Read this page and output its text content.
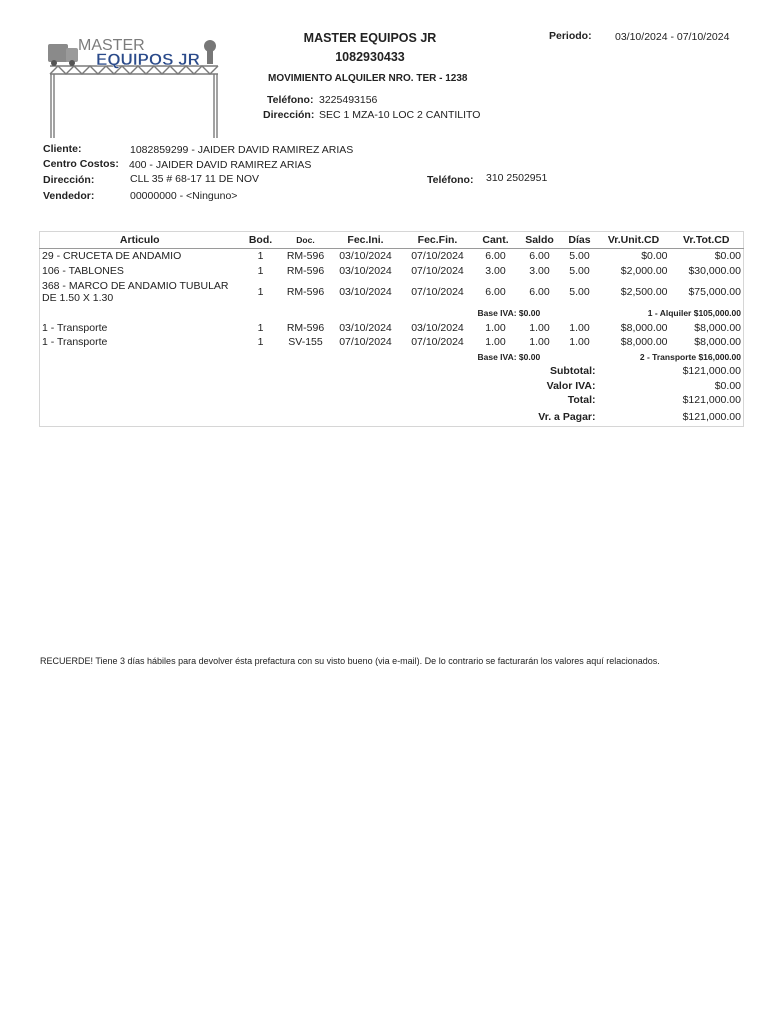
MASTER
EQUIPOS JR
MASTER EQUIPOS JR
1082930433
MOVIMIENTO ALQUILER NRO. TER - 1238
Periodo: 03/10/2024 - 07/10/2024
Teléfono: 3225493156
Dirección: SEC 1 MZA-10 LOC 2 CANTILITO
Cliente:	1082859299 - JAIDER DAVID RAMIREZ ARIAS
Centro Costos: 400 - JAIDER DAVID RAMIREZ ARIAS
Dirección:	CLL 35 # 68-17 11 DE NOV	Teléfono: 310 2502951
Vendedor:	00000000 - <Ninguno>
Articulo	Bod.	Doc.	Fec.Ini.	Fec.Fin.	Cant.	Saldo	Días	Vr.Unit.CD	Vr.Tot.CD
29 - CRUCETA DE ANDAMIO	1	RM-596	03/10/2024	07/10/2024	6.00	6.00	5.00	$0.00	$0.00
106 - TABLONES	1	RM-596	03/10/2024	07/10/2024	3.00	3.00	5.00	$2,000.00	$30,000.00

368 - MARCO DE ANDAMIO TUBULAR
DE 1.50 X 1.30	1	RM-596	03/10/2024	07/10/2024	6.00	6.00	5.00	$2,500.00	$75,000.00
					Base IVA: $0.00			1 - Alquiler $105,000.00	
1 - Transporte	1	RM-596	03/10/2024	03/10/2024	1.00	1.00	1.00	$8,000.00	$8,000.00
1 - Transporte	1	SV-155	07/10/2024	07/10/2024	1.00	1.00	1.00	$8,000.00	$8,000.00
					Base IVA: $0.00			2 - Transporte $16,000.00	
					Subtotal:			$121,000.00	
					Valor IVA:			$0.00	
					Total:			$121,000.00	
					Vr. a Pagar:			$121,000.00	
RECUERDE! Tiene 3 días hábiles para devolver ésta prefactura con su visto bueno (via e-mail). De lo contrario se facturarán los valores aquí relacionados.
